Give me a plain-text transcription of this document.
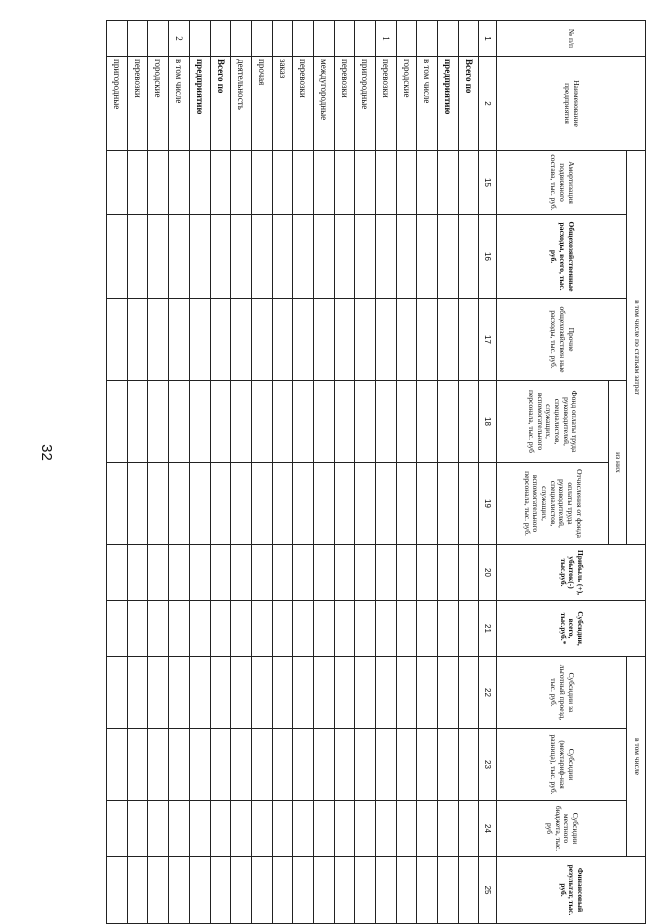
32
№ п/п	Наименование предприятия	в том числе по статьям затрат					Прибыль (+), убыток(-) тыс.руб.	Субсидии, всего, тыс.руб.*	в том числе			Финансовый результат, тыс. руб.
		Амортизация подвижного состава, тыс. руб.	Общехозяйственные расходы, всего, тыс. руб.	Прочие общехозяйствен ные расходы, тыс. руб.	из них				Субсидии за льготный проезд, тыс. руб.	Субсидии (межтариф-ная разница), тыс. руб.	Субсидии местного бюджета, тыс. руб	
					Фонд оплаты труда руководителей, специалистов, служащих, вспомогательного персонала, тыс. руб	Отчисления от фонда оплаты труда руководителей, специалистов, служащих, вспомогательного персонала, тыс. руб.						
1	2	15	16	17	18	19	20	21	22	23	24	25
	Всего по											
	предприятию											
	в том числе											
	городские											
1	перевозки											
	пригородные											
	перевозки											
	междугородные											
	перевозки											
	заказ											
	прочая											
	деятельность											
	Всего по											
	предприятию											
2	в том числе											
	городские											
	перевозки											
	пригородные											
